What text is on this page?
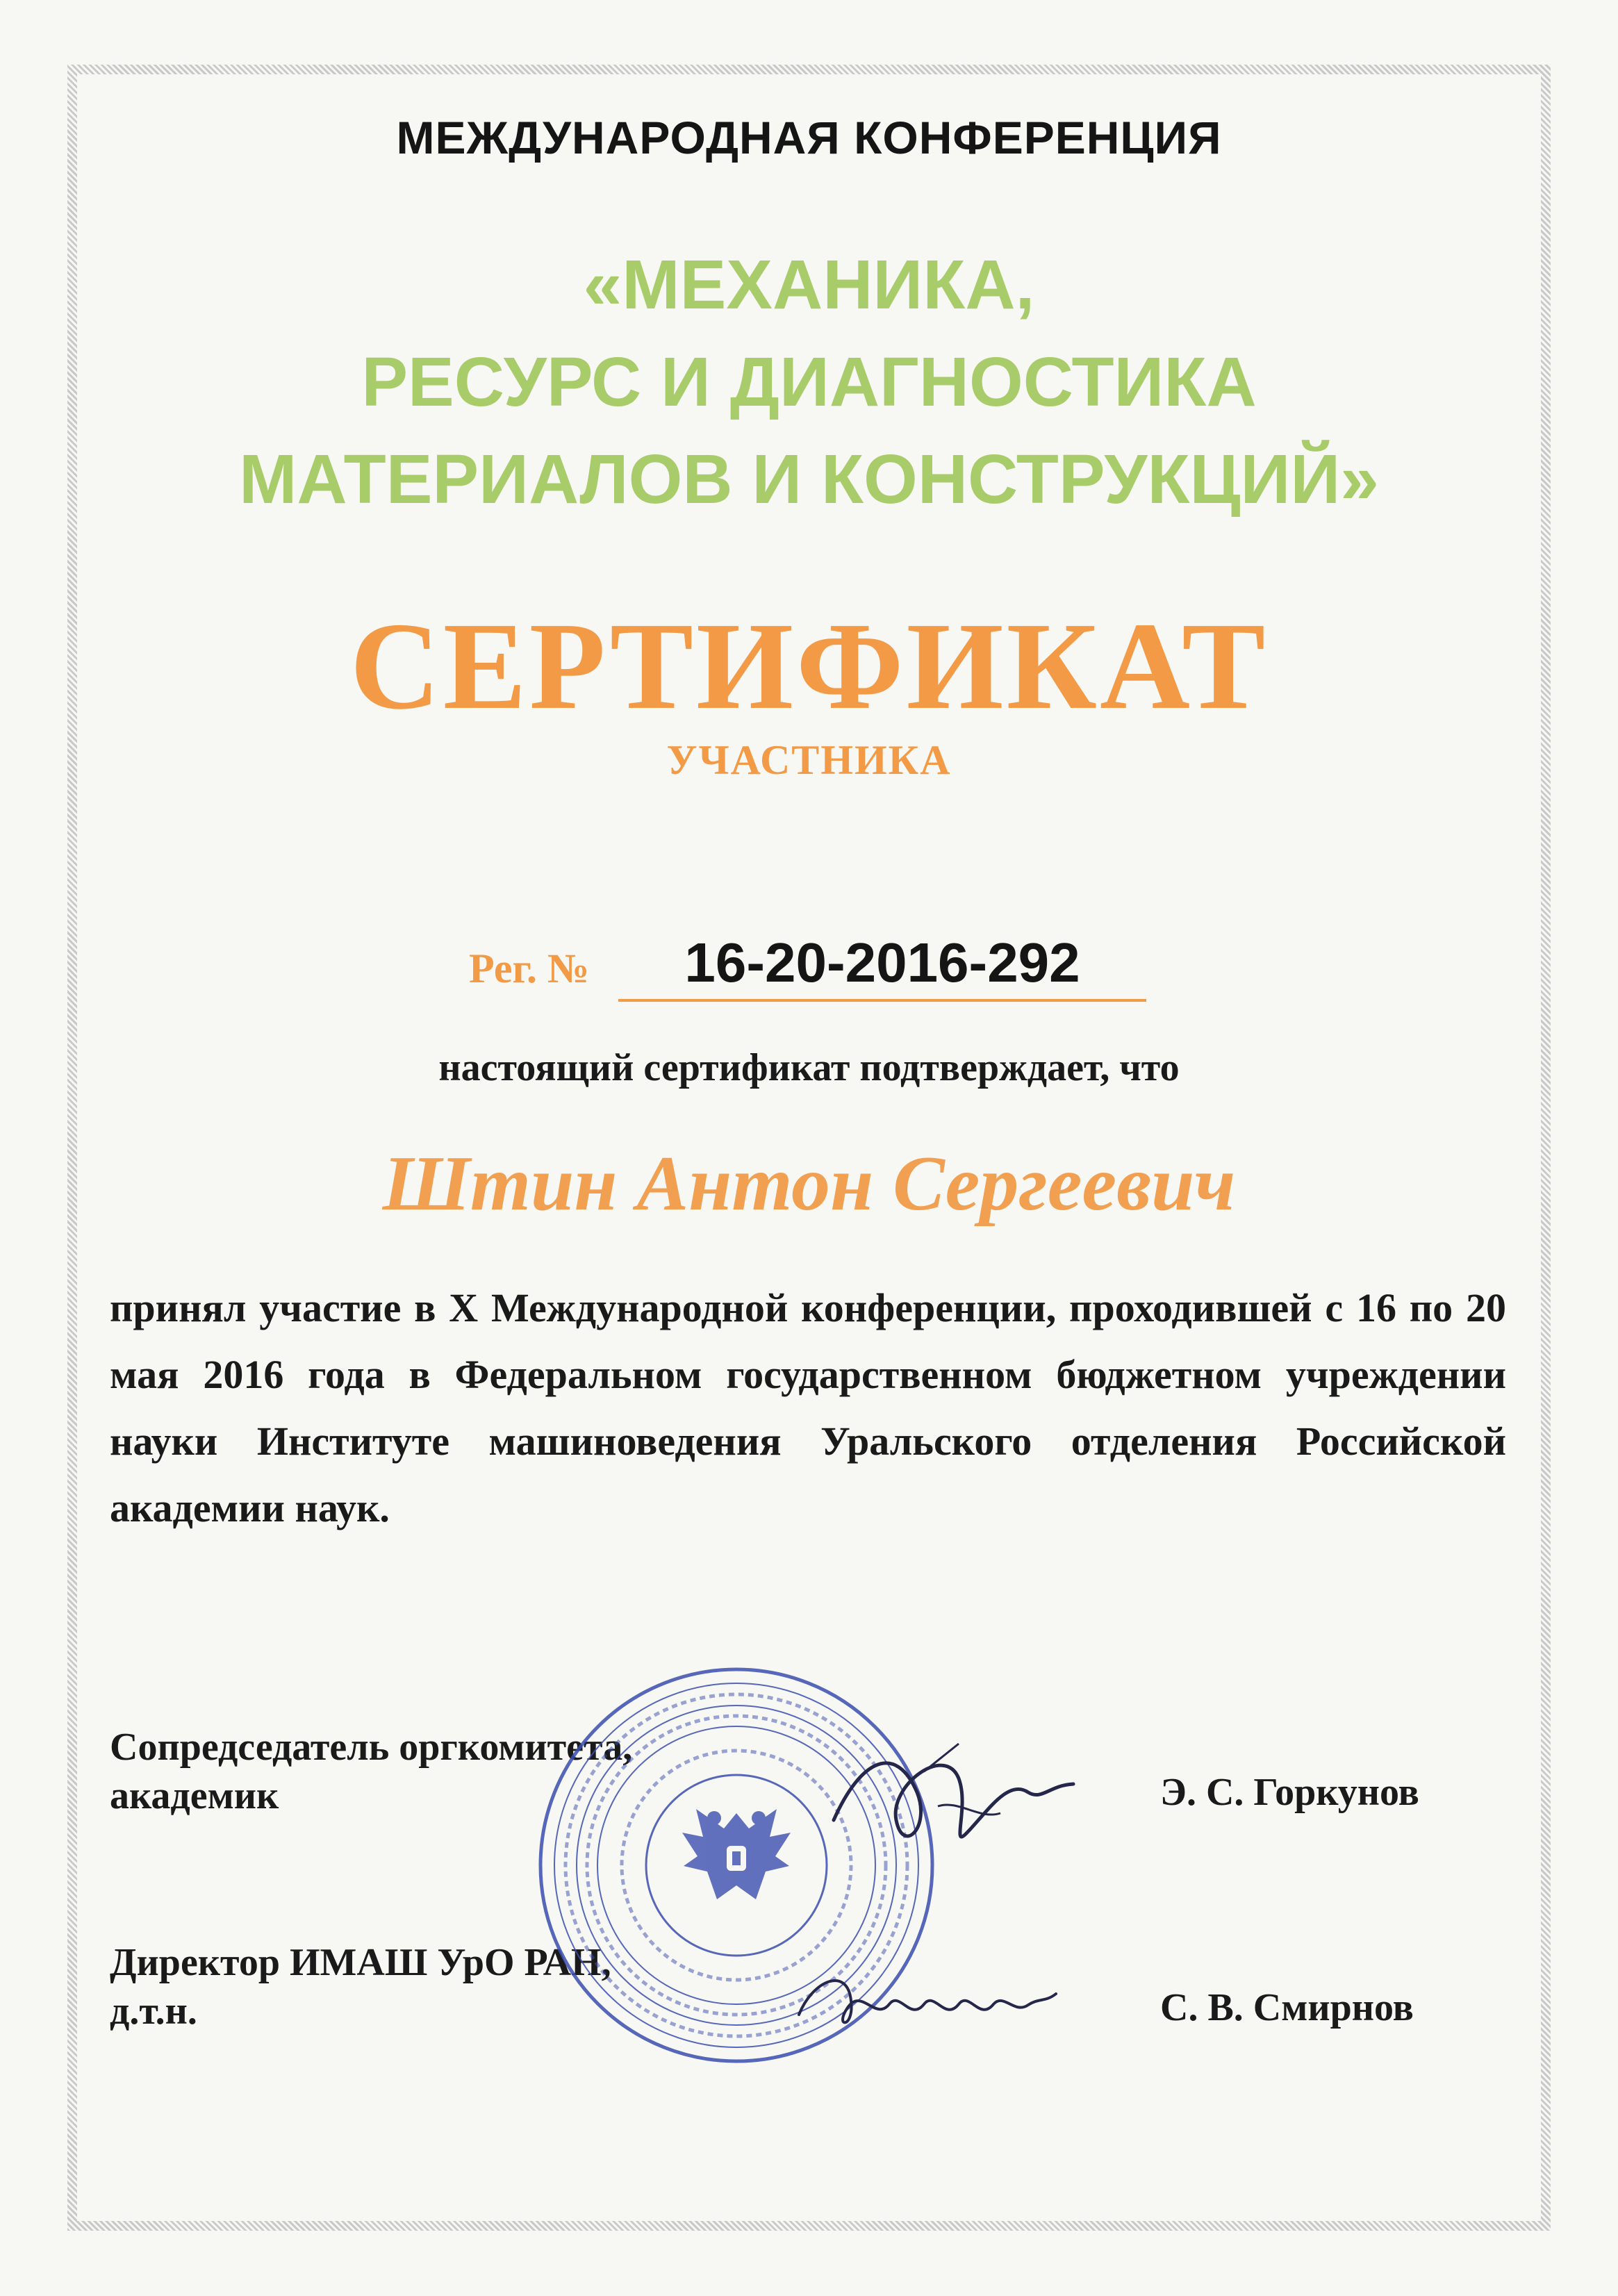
МЕЖДУНАРОДНАЯ КОНФЕРЕНЦИЯ
«МЕХАНИКА,
РЕСУРС И ДИАГНОСТИКА
МАТЕРИАЛОВ И КОНСТРУКЦИЙ»
СЕРТИФИКАТ
УЧАСТНИКА
Рег. №	16-20-2016-292
настоящий сертификат подтверждает, что
Штин Антон Сергеевич
принял участие в X Международной конференции, проходившей с 16 по 20 мая 2016 года в Федеральном государственном бюджетном учреждении науки Институте машиноведения Уральского отделения Российской академии наук.
Сопредседатель оргкомитета,
академик	Э. С. Горкунов
Директор ИМАШ УрО РАН,
д.т.н.	С. В. Смирнов
